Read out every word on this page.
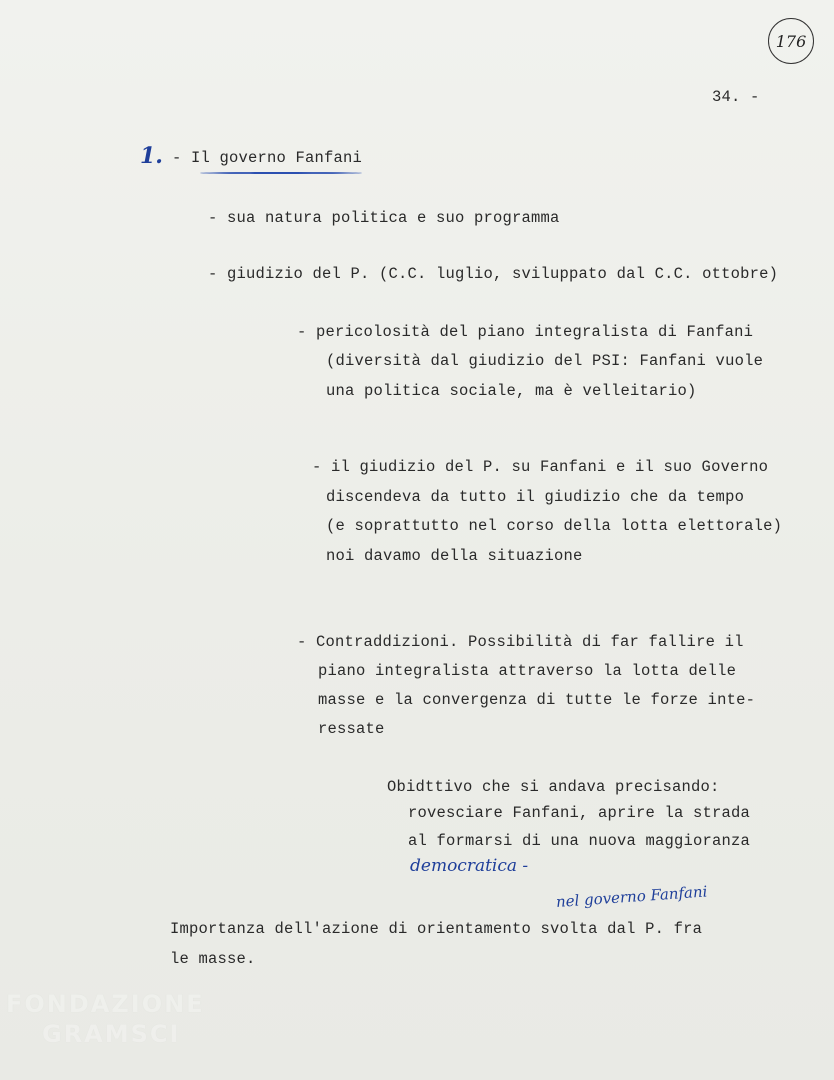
176
34. -
1. - Il governo Fanfani
- sua natura politica e suo programma
- giudizio del P. (C.C. luglio, sviluppato dal C.C. ottobre)
- pericolosità del piano integralista di Fanfani
(diversità dal giudizio del PSI: Fanfani vuole
una politica sociale, ma è velleitario)
- il giudizio del P. su Fanfani e il suo Governo
discendeva da tutto il giudizio che da tempo
(e soprattutto nel corso della lotta elettorale)
noi davamo della situazione
- Contraddizioni. Possibilità di far fallire il
piano integralista attraverso la lotta delle
masse e la convergenza di tutte le forze inte-
ressate
Obidttivo che si andava precisando:
rovesciare Fanfani, aprire la strada
al formarsi di una nuova maggioranza
democratica -
nel governo Fanfani
Importanza dell'azione di orientamento svolta dal P. fra
le masse.
FONDAZIONE
GRAMSCI
